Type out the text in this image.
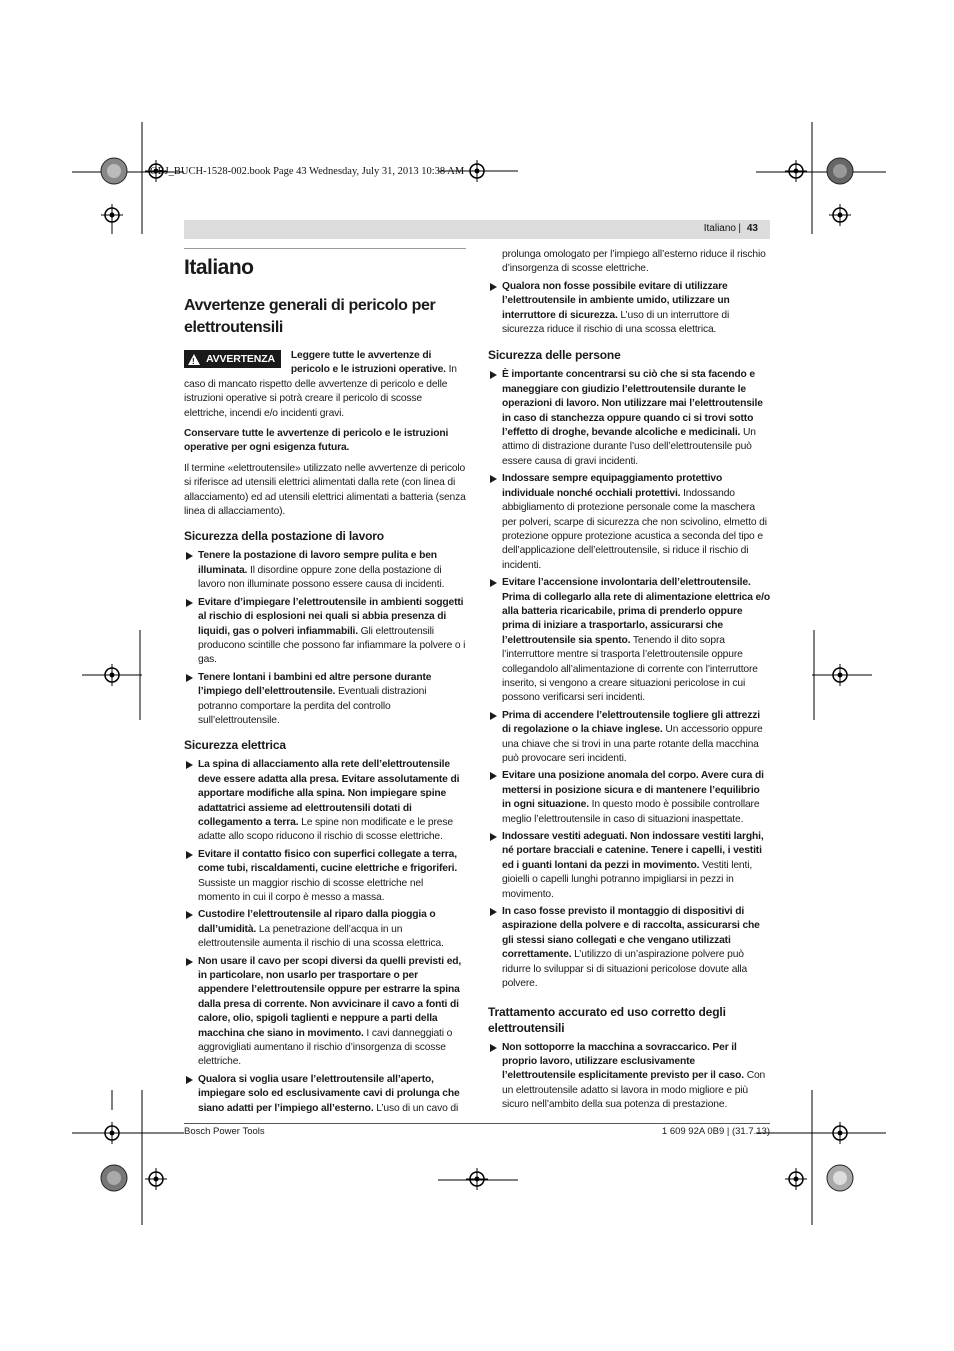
OBJ_BUCH-1528-002.book Page 43 Wednesday, July 31, 2013 10:38 AM
Italiano | 43
Italiano
Avvertenze generali di pericolo per elettroutensili
! AVVERTENZA Leggere tutte le avvertenze di pericolo e le istruzioni operative. In

caso di mancato rispetto delle avvertenze di pericolo e delle istruzioni operative si potrà creare il pericolo di scosse elettriche, incendi e/o incidenti gravi.

Conservare tutte le avvertenze di pericolo e le istruzioni operative per ogni esigenza futura.

Il termine «elettroutensile» utilizzato nelle avvertenze di pericolo si riferisce ad utensili elettrici alimentati dalla rete (con linea di allacciamento) ed ad utensili elettrici alimentati a batteria (senza linea di allacciamento).

Sicurezza della postazione di lavoro
Tenere la postazione di lavoro sempre pulita e ben illuminata. Il disordine oppure zone della postazione di lavoro non illuminate possono essere causa di incidenti.
Evitare d’impiegare l’elettroutensile in ambienti soggetti al rischio di esplosioni nei quali si abbia presenza di liquidi, gas o polveri infiammabili. Gli elettroutensili producono scintille che possono far infiammare la polvere o i gas.
Tenere lontani i bambini ed altre persone durante l’impiego dell’elettroutensile. Eventuali distrazioni potranno comportare la perdita del controllo sull’elettroutensile.
Sicurezza elettrica
La spina di allacciamento alla rete dell’elettroutensile deve essere adatta alla presa. Evitare assolutamente di apportare modifiche alla spina. Non impiegare spine adattatrici assieme ad elettroutensili dotati di collegamento a terra. Le spine non modificate e le prese adatte allo scopo riducono il rischio di scosse elettriche.
Evitare il contatto fisico con superfici collegate a terra, come tubi, riscaldamenti, cucine elettriche e frigoriferi. Sussiste un maggior rischio di scosse elettriche nel momento in cui il corpo è messo a massa.
Custodire l’elettroutensile al riparo dalla pioggia o dall’umidità. La penetrazione dell’acqua in un elettroutensile aumenta il rischio di una scossa elettrica.
Non usare il cavo per scopi diversi da quelli previsti ed, in particolare, non usarlo per trasportare o per appendere l’elettroutensile oppure per estrarre la spina dalla presa di corrente. Non avvicinare il cavo a fonti di calore, olio, spigoli taglienti e neppure a parti della macchina che siano in movimento. I cavi danneggiati o aggrovigliati aumentano il rischio d’insorgenza di scosse elettriche.
Qualora si voglia usare l’elettroutensile all’aperto, impiegare solo ed esclusivamente cavi di prolunga che siano adatti per l’impiego all’esterno. L’uso di un cavo di

prolunga omologato per l’impiego all’esterno riduce il rischio d’insorgenza di scosse elettriche.

Qualora non fosse possibile evitare di utilizzare l’elettroutensile in ambiente umido, utilizzare un interruttore di sicurezza. L’uso di un interruttore di sicurezza riduce il rischio di una scossa elettrica.
Sicurezza delle persone
È importante concentrarsi su ciò che si sta facendo e maneggiare con giudizio l’elettroutensile durante le operazioni di lavoro. Non utilizzare mai l’elettroutensile in caso di stanchezza oppure quando ci si trovi sotto l’effetto di droghe, bevande alcoliche e medicinali. Un attimo di distrazione durante l’uso dell’elettroutensile può essere causa di gravi incidenti.
Indossare sempre equipaggiamento protettivo individuale nonché occhiali protettivi. Indossando abbigliamento di protezione personale come la maschera per polveri, scarpe di sicurezza che non scivolino, elmetto di protezione oppure protezione acustica a seconda del tipo e dell’applicazione dell’elettroutensile, si riduce il rischio di incidenti.
Evitare l’accensione involontaria dell’elettroutensile. Prima di collegarlo alla rete di alimentazione elettrica e/o alla batteria ricaricabile, prima di prenderlo oppure prima di iniziare a trasportarlo, assicurarsi che l’elettroutensile sia spento. Tenendo il dito sopra l’interruttore mentre si trasporta l’elettroutensile oppure collegandolo all’alimentazione di corrente con l’interruttore inserito, si vengono a creare situazioni pericolose in cui possono verificarsi seri incidenti.
Prima di accendere l’elettroutensile togliere gli attrezzi di regolazione o la chiave inglese. Un accessorio oppure una chiave che si trovi in una parte rotante della macchina può provocare seri incidenti.
Evitare una posizione anomala del corpo. Avere cura di mettersi in posizione sicura e di mantenere l’equilibrio in ogni situazione. In questo modo è possibile controllare meglio l’elettroutensile in caso di situazioni inaspettate.
Indossare vestiti adeguati. Non indossare vestiti larghi, né portare bracciali e catenine. Tenere i capelli, i vestiti ed i guanti lontani da pezzi in movimento. Vestiti lenti, gioielli o capelli lunghi potranno impigliarsi in pezzi in movimento.
In caso fosse previsto il montaggio di dispositivi di aspirazione della polvere e di raccolta, assicurarsi che gli stessi siano collegati e che vengano utilizzati correttamente. L’utilizzo di un’aspirazione polvere può ridurre lo sviluppar si di situazioni pericolose dovute alla polvere.
Trattamento accurato ed uso corretto degli elettroutensili
Non sottoporre la macchina a sovraccarico. Per il proprio lavoro, utilizzare esclusivamente l’elettroutensile esplicitamente previsto per il caso. Con un elettroutensile adatto si lavora in modo migliore e più sicuro nell’ambito della sua potenza di prestazione.
Bosch Power Tools	1 609 92A 0B9 | (31.7.13)
